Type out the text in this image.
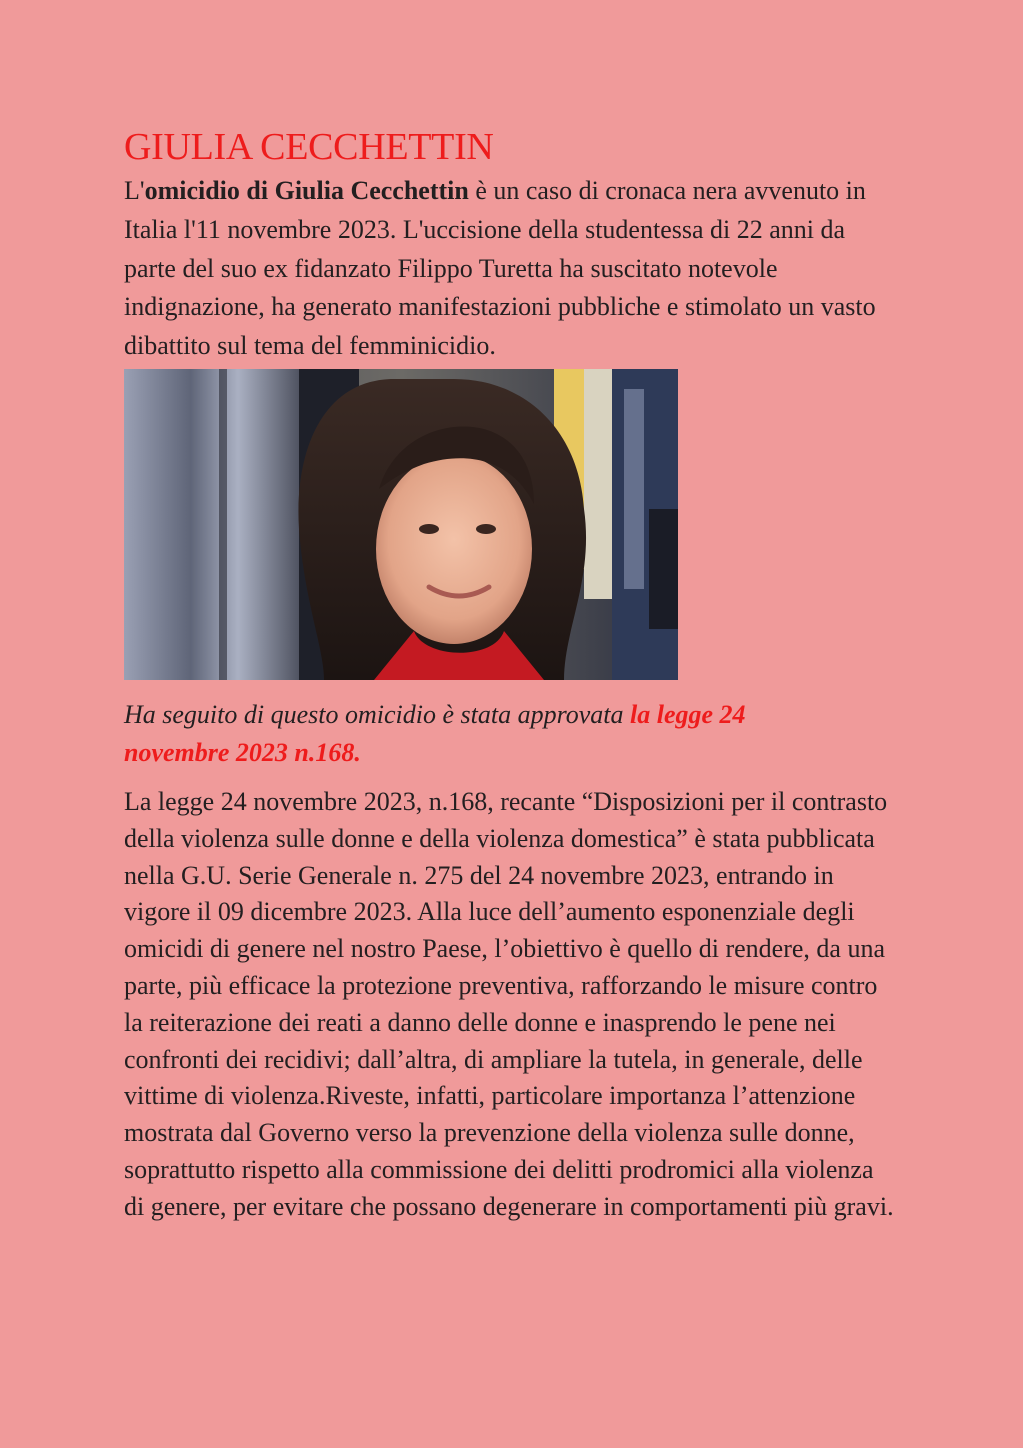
GIULIA CECCHETTIN

L'omicidio di Giulia Cecchettin è un caso di cronaca nera avvenuto in Italia l'11 novembre 2023. L'uccisione della studentessa di 22 anni da parte del suo ex fidanzato Filippo Turetta ha suscitato notevole indignazione, ha generato manifestazioni pubbliche e stimolato un vasto dibattito sul tema del femminicidio.

Ha seguito di questo omicidio è stata approvata la legge 24 novembre 2023 n.168.

La legge 24 novembre 2023, n.168, recante “Disposizioni per il contrasto della violenza sulle donne e della violenza domestica” è stata pubblicata nella G.U. Serie Generale n. 275 del 24 novembre 2023, entrando in vigore il 09 dicembre 2023. Alla luce dell’aumento esponenziale degli omicidi di genere nel nostro Paese, l’obiettivo è quello di rendere, da una parte, più efficace la protezione preventiva, rafforzando le misure contro la reiterazione dei reati a danno delle donne e inasprendo le pene nei confronti dei recidivi; dall’altra, di ampliare la tutela, in generale, delle vittime di violenza.Riveste, infatti, particolare importanza l’attenzione mostrata dal Governo verso la prevenzione della violenza sulle donne, soprattutto rispetto alla commissione dei delitti prodromici alla violenza di genere, per evitare che possano degenerare in comportamenti più gravi.
